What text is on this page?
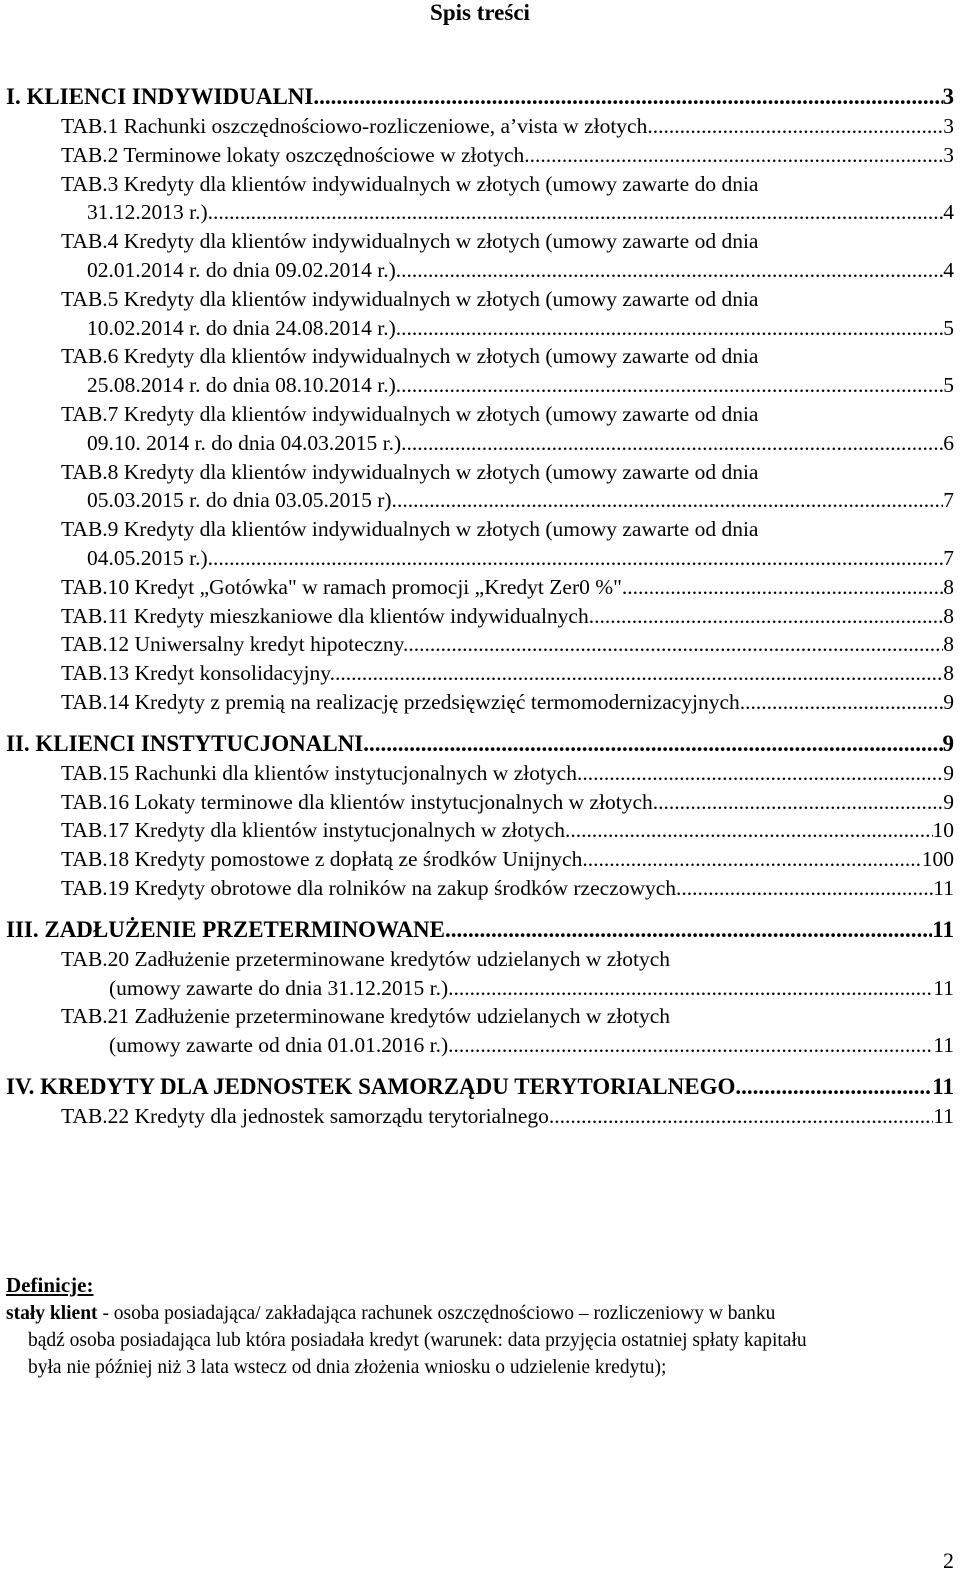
Spis treści
I. KLIENCI INDYWIDUALNI .....	3
TAB.1 Rachunki oszczędnościowo-rozliczeniowe, a’vista w złotych. .....	3
TAB.2 Terminowe lokaty oszczędnościowe w złotych. .....	3
TAB.3 Kredyty dla klientów indywidualnych w złotych (umowy zawarte do dnia
31.12.2013 r.) .....	4
TAB.4 Kredyty dla klientów indywidualnych w złotych (umowy zawarte od dnia
02.01.2014 r. do dnia 09.02.2014 r.) .....	4
TAB.5 Kredyty dla klientów indywidualnych w złotych (umowy zawarte od dnia
10.02.2014 r. do dnia 24.08.2014 r.) .....	5
TAB.6 Kredyty dla klientów indywidualnych w złotych (umowy zawarte od dnia
25.08.2014 r. do dnia 08.10.2014 r.) .....	5
TAB.7 Kredyty dla klientów indywidualnych w złotych (umowy zawarte od dnia
09.10. 2014 r. do dnia 04.03.2015 r.) .....	6
TAB.8 Kredyty dla klientów indywidualnych w złotych (umowy zawarte od dnia
05.03.2015 r. do dnia 03.05.2015 r). .....	7
TAB.9 Kredyty dla klientów indywidualnych w złotych (umowy zawarte od dnia
04.05.2015 r.) .....	7
TAB.10 Kredyt „Gotówka" w ramach promocji „Kredyt Zer0 %" .....	8
TAB.11 Kredyty mieszkaniowe dla klientów indywidualnych. .....	8
TAB.12 Uniwersalny kredyt hipoteczny. .....	8
TAB.13 Kredyt konsolidacyjny. .....	8
TAB.14 Kredyty z premią na realizację przedsięwzięć termomodernizacyjnych. .....	9
II. KLIENCI INSTYTUCJONALNI .....	9
TAB.15 Rachunki dla klientów instytucjonalnych w złotych. .....	9
TAB.16 Lokaty terminowe dla klientów instytucjonalnych w złotych. .....	9
TAB.17 Kredyty dla klientów instytucjonalnych w złotych .....	10
TAB.18 Kredyty pomostowe z dopłatą ze środków Unijnych. .....	100
TAB.19 Kredyty obrotowe dla rolników na zakup środków rzeczowych. .....	11
III. ZADŁUŻENIE PRZETERMINOWANE .....	11
TAB.20 Zadłużenie przeterminowane kredytów udzielanych w złotych
(umowy zawarte do dnia 31.12.2015 r.) .....	11
TAB.21 Zadłużenie przeterminowane kredytów udzielanych w złotych
(umowy zawarte od dnia 01.01.2016 r.) .....	11
IV. KREDYTY DLA JEDNOSTEK SAMORZĄDU TERYTORIALNEGO .....	11
TAB.22 Kredyty dla jednostek samorządu terytorialnego. .....	11
Definicje:
stały klient - osoba posiadająca/ zakładająca rachunek oszczędnościowo – rozliczeniowy w banku
bądź osoba posiadająca lub która posiadała kredyt (warunek: data przyjęcia ostatniej spłaty kapitału
była nie później niż 3 lata wstecz od dnia złożenia wniosku o udzielenie kredytu);
2
